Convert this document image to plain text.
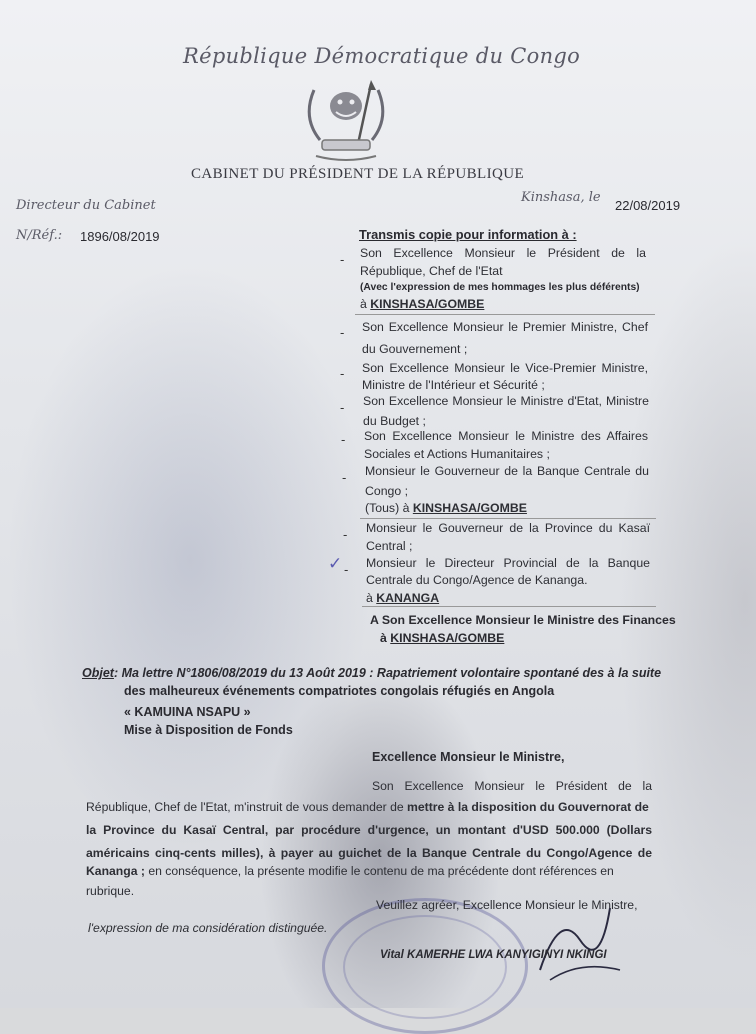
République Démocratique du Congo
CABINET DU PRÉSIDENT DE LA RÉPUBLIQUE
Directeur du Cabinet
Kinshasa, le
22/08/2019
N/Réf.: 1896/08/2019	Transmis copie pour information à :
- Son Excellence Monsieur le Président de la
République, Chef de l'Etat
(Avec l'expression de mes hommages les plus déférents)
à KINSHASA/GOMBE
- Son Excellence Monsieur le Premier Ministre, Chef
du Gouvernement ;
- Son Excellence Monsieur le Vice-Premier Ministre,
Ministre de l'Intérieur et Sécurité ;
- Son Excellence Monsieur le Ministre d'Etat, Ministre
du Budget ;
- Son Excellence Monsieur le Ministre des Affaires
Sociales et Actions Humanitaires ;
- Monsieur le Gouverneur de la Banque Centrale du
Congo ;
(Tous) à KINSHASA/GOMBE
- Monsieur le Gouverneur de la Province du Kasaï
Central ;
✓ - Monsieur le Directeur Provincial de la Banque
Centrale du Congo/Agence de Kananga.
à KANANGA
A Son Excellence Monsieur le Ministre des Finances
à KINSHASA/GOMBE
Objet: Ma lettre N°1806/08/2019 du 13 Août 2019 : Rapatriement volontaire spontané des à la suite
des malheureux événements compatriotes congolais réfugiés en Angola
« KAMUINA NSAPU »
Mise à Disposition de Fonds
Excellence Monsieur le Ministre,
Son Excellence Monsieur le Président de la
République, Chef de l'Etat, m'instruit de vous demander de mettre à la disposition du Gouvernorat de
la Province du Kasaï Central, par procédure d'urgence, un montant d'USD 500.000 (Dollars
américains cinq-cents milles), à payer au guichet de la Banque Centrale du Congo/Agence de
Kananga ; en conséquence, la présente modifie le contenu de ma précédente dont références en
rubrique.
Veuillez agréer, Excellence Monsieur le Ministre,
l'expression de ma considération distinguée.
Vital KAMERHE LWA KANYIGINYI NKINGI
